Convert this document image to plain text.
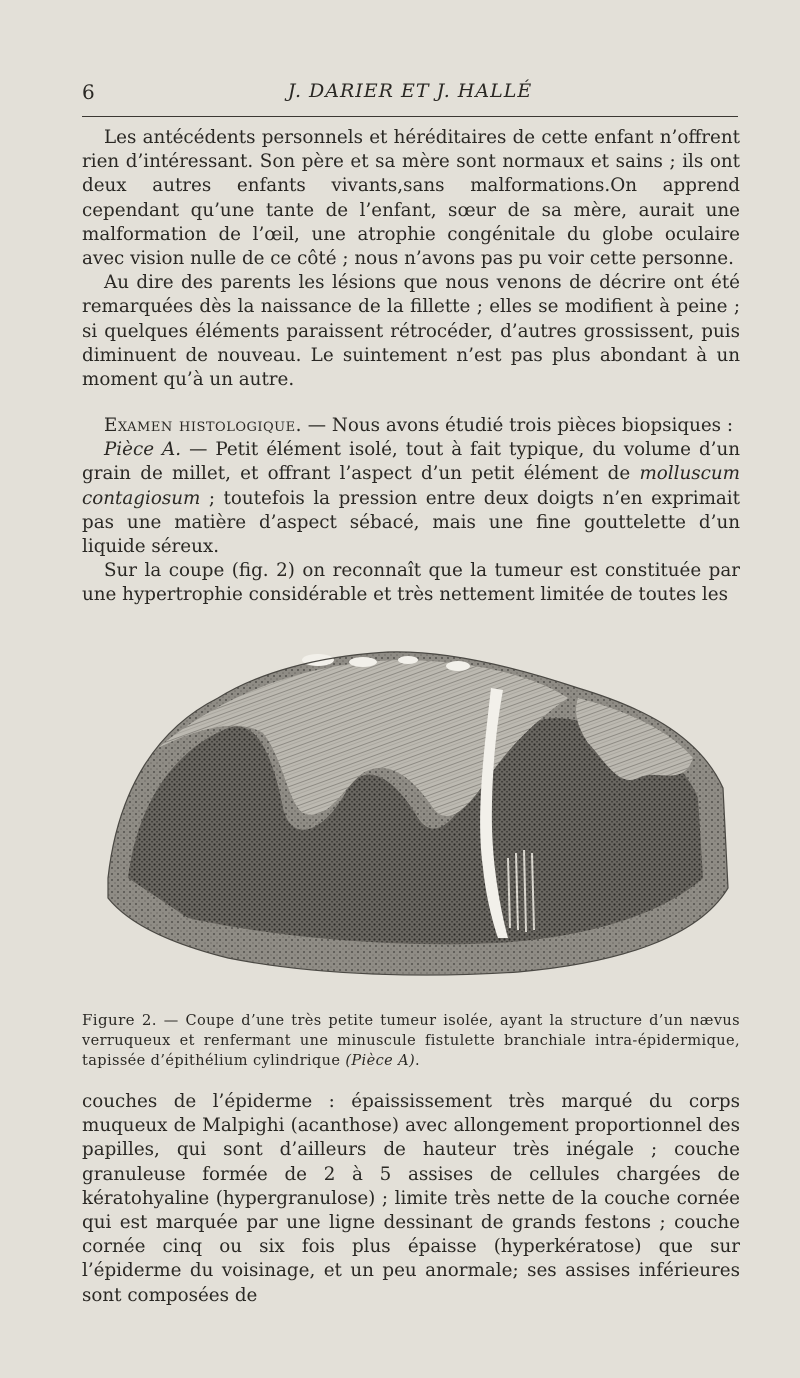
6	J. DARIER ET J. HALLÉ

Les antécédents personnels et héréditaires de cette enfant n’offrent rien d’intéressant. Son père et sa mère sont normaux et sains ; ils ont deux autres enfants vivants,sans malformations.On apprend cependant qu’une tante de l’enfant, sœur de sa mère, aurait une malformation de l’œil, une atrophie congénitale du globe oculaire avec vision nulle de ce côté ; nous n’avons pas pu voir cette personne.

Au dire des parents les lésions que nous venons de décrire ont été remarquées dès la naissance de la fillette ; elles se modifient à peine ; si quelques éléments paraissent rétrocéder, d’autres grossissent, puis diminuent de nouveau. Le suintement n’est pas plus abondant à un moment qu’à un autre.

Examen histologique. — Nous avons étudié trois pièces biopsiques :

Pièce A. — Petit élément isolé, tout à fait typique, du volume d’un grain de millet, et offrant l’aspect d’un petit élément de molluscum contagiosum ; toutefois la pression entre deux doigts n’en exprimait pas une matière d’aspect sébacé, mais une fine gouttelette d’un liquide séreux.

Sur la coupe (fig. 2) on reconnaît que la tumeur est constituée par une hypertrophie considérable et très nettement limitée de toutes les

Figure 2. — Coupe d’une très petite tumeur isolée, ayant la structure d’un nævus verruqueux et renfermant une minuscule fistulette branchiale intra-épidermique, tapissée d’épithélium cylindrique (Pièce A).

couches de l’épiderme : épaississement très marqué du corps muqueux de Malpighi (acanthose) avec allongement proportionnel des papilles, qui sont d’ailleurs de hauteur très inégale ; couche granuleuse formée de 2 à 5 assises de cellules chargées de kératohyaline (hypergranulose) ; limite très nette de la couche cornée qui est marquée par une ligne dessinant de grands festons ; couche cornée cinq ou six fois plus épaisse (hyperkératose) que sur l’épiderme du voisinage, et un peu anormale; ses assises inférieures sont composées de
